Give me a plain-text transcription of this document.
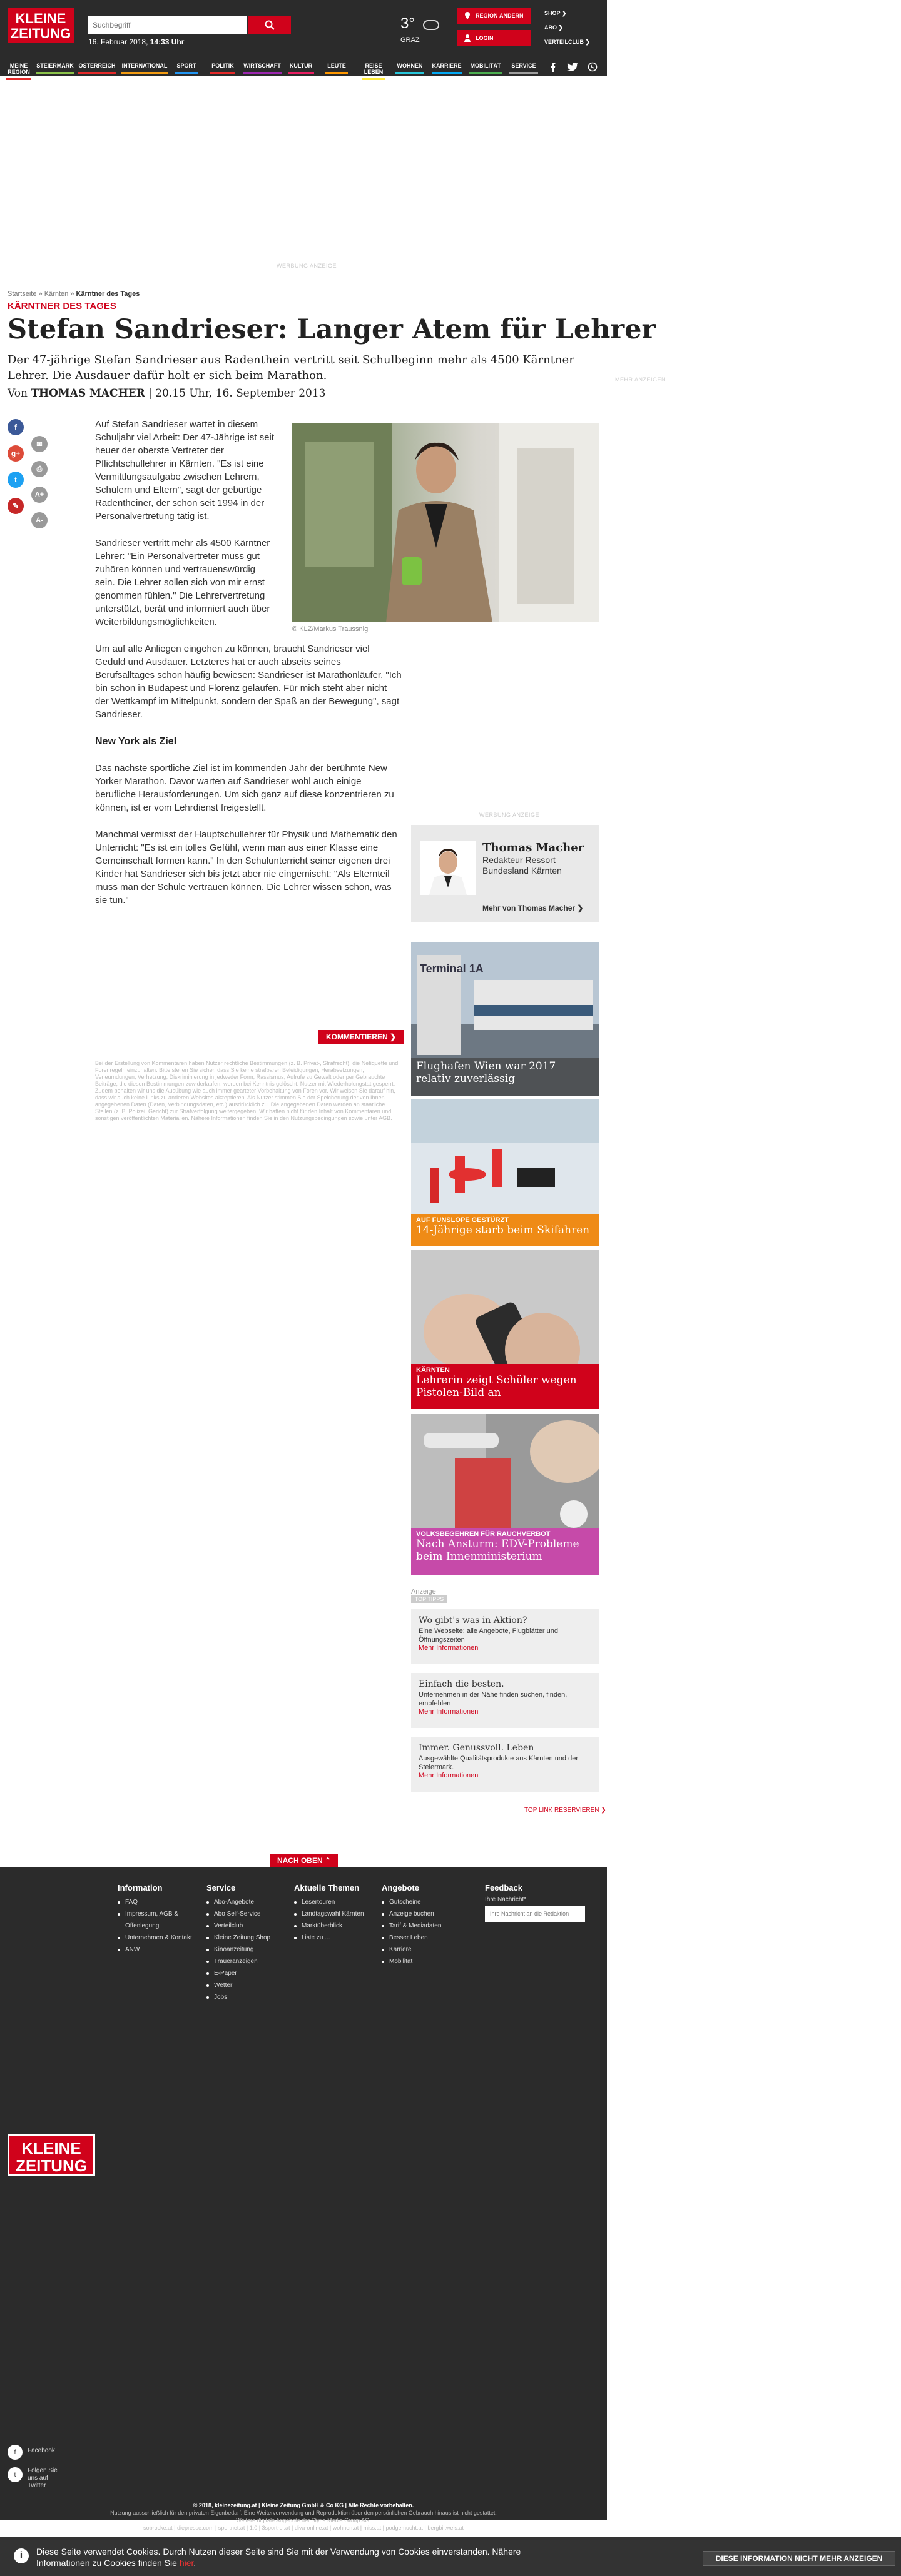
KLEINE
ZEITUNG
Suchbegriff
16. Februar 2018, 14:33 Uhr
3°
GRAZ
REGION ÄNDERN
LOGIN
SHOP ❯
ABO ❯
VERTEILCLUB ❯
MEINE
REGION
STEIERMARK ÖSTERREICH INTERNATIONAL SPORT	POLITIK WIRTSCHAFT	KULTUR	LEUTE	REISE
LEBEN
WOHNEN KARRIERE MOBILITÄT	SERVICE
WERBUNG ANZEIGE
MEHR ANZEIGEN
WERBUNG ANZEIGE
Startseite » Kärnten » Kärntner des Tages
KÄRNTNER DES TAGES
Stefan Sandrieser: Langer Atem für Lehrer
Der 47-jährige Stefan Sandrieser aus Radenthein vertritt seit Schulbeginn mehr als 4500 Kärntner Lehrer. Die Ausdauer dafür holt er sich beim Marathon.
Von THOMAS MACHER | 20.15 Uhr, 16. September 2013
f
✉
g+
⎙
t
A+
✎
A-
© KLZ/Markus Traussnig

Auf Stefan Sandrieser wartet in diesem Schuljahr viel Arbeit: Der 47-Jährige ist seit heuer der oberste Vertreter der Pflichtschullehrer in Kärnten. "Es ist eine Vermittlungsaufgabe zwischen Lehrern, Schülern und Eltern", sagt der gebürtige Radentheiner, der schon seit 1994 in der Personalvertretung tätig ist.

Sandrieser vertritt mehr als 4500 Kärntner Lehrer: "Ein Personalvertreter muss gut zuhören können und vertrauenswürdig sein. Die Lehrer sollen sich von mir ernst genommen fühlen." Die Lehrervertretung unterstützt, berät und informiert auch über Weiterbildungsmöglichkeiten.

Um auf alle Anliegen eingehen zu können, braucht Sandrieser viel Geduld und Ausdauer. Letzteres hat er auch abseits seines Berufsalltages schon häufig bewiesen: Sandrieser ist Marathonläufer. "Ich bin schon in Budapest und Florenz gelaufen. Für mich steht aber nicht der Wettkampf im Mittelpunkt, sondern der Spaß an der Bewegung", sagt Sandrieser.

New York als Ziel

Das nächste sportliche Ziel ist im kommenden Jahr der berühmte New Yorker Marathon. Davor warten auf Sandrieser wohl auch einige berufliche Herausforderungen. Um sich ganz auf diese konzentrieren zu können, ist er vom Lehrdienst freigestellt.

Manchmal vermisst der Hauptschullehrer für Physik und Mathematik den Unterricht: "Es ist ein tolles Gefühl, wenn man aus einer Klasse eine Gemeinschaft formen kann." In den Schulunterricht seiner eigenen drei Kinder hat Sandrieser sich bis jetzt aber nie eingemischt: "Als Elternteil muss man der Schule vertrauen können. Die Lehrer wissen schon, was sie tun."

KOMMENTIEREN ❯
Bei der Erstellung von Kommentaren haben Nutzer rechtliche Bestimmungen (z. B. Privat-, Strafrecht), die Netiquette und Forenregeln einzuhalten. Bitte stellen Sie sicher, dass Sie keine strafbaren Beleidigungen, Herabsetzungen, Verleumdungen, Verhetzung, Diskriminierung in jedweder Form, Rassismus, Aufrufe zu Gewalt oder per Gebrauchte Beiträge, die diesen Bestimmungen zuwiderlaufen, werden bei Kenntnis gelöscht. Nutzer mit Wiederholungstat gesperrt. Zudem behalten wir uns die Ausübung wie auch immer gearteter Vorbehaltung von Foren vor. Wir weisen Sie darauf hin, dass wir auch keine Links zu anderen Websites akzeptieren. Als Nutzer stimmen Sie der Speicherung der von Ihnen angegebenen Daten (Daten, Verbindungsdaten, etc.) ausdrücklich zu. Die angegebenen Daten werden an staatliche Stellen (z. B. Polizei, Gericht) zur Strafverfolgung weitergegeben. Wir haften nicht für den Inhalt von Kommentaren und sonstigen veröffentlichten Materialien. Nähere Informationen finden Sie in den Nutzungsbedingungen sowie unter AGB.
Thomas Macher
Redakteur Ressort Bundesland Kärnten
Mehr von Thomas Macher ❯
Terminal 1A
Flughafen Wien war 2017 relativ zuverlässig
AUF FUNSLOPE GESTÜRZT
14-Jährige starb beim Skifahren
KÄRNTEN
Lehrerin zeigt Schüler wegen Pistolen-Bild an
VOLKSBEGEHREN FÜR RAUCHVERBOT
Nach Ansturm: EDV-Probleme beim Innenministerium
Anzeige
TOP TIPPS
Wo gibt's was in Aktion?
Eine Webseite: alle Angebote, Flugblätter und Öffnungszeiten
Mehr Informationen
Einfach die besten.
Unternehmen in der Nähe finden suchen, finden, empfehlen
Mehr Informationen
Immer. Genussvoll. Leben
Ausgewählte Qualitätsprodukte aus Kärnten und der Steiermark.
Mehr Informationen
TOP LINK RESERVIEREN ❯
Information
FAQ
Impressum, AGB & Offenlegung
Unternehmen & Kontakt
ANW
Service
Abo-Angebote
Abo Self-Service
Verteilclub
Kleine Zeitung Shop
Kinoanzeitung
Traueranzeigen
E-Paper
Wetter
Jobs
Aktuelle Themen
Lesertouren
Landtagswahl Kärnten
Marktüberblick
Liste zu ...
Angebote
Gutscheine
Anzeige buchen
Tarif & Mediadaten
Besser Leben
Karriere
Mobilität
Feedback
Ihre Nachricht*
Ihre Nachricht an die Redaktion
KLEINE
ZEITUNG
f	Facebook
t
Folgen Sie uns auf Twitter
NACH OBEN ⌃
© 2018, kleinezeitung.at | Kleine Zeitung GmbH & Co KG | Alle Rechte vorbehalten.
Nutzung ausschließlich für den privaten Eigenbedarf. Eine Weiterverwendung und Reproduktion über den persönlichen Gebrauch hinaus ist nicht gestattet.
Weitere digitale Angebote der Styria Media Group AG:
sobrocke.at | diepresse.com | sportnet.at | 1:0 | 3sportrol.at | diva-online.at | wohnen.at | miss.at | podgemucht.at | bergbiltweis.at
i	Diese Seite verwendet Cookies. Durch Nutzen dieser Seite sind Sie mit der Verwendung von Cookies einverstanden. Nähere Informationen zu Cookies finden Sie hier.	DIESE INFORMATION NICHT MEHR ANZEIGEN
